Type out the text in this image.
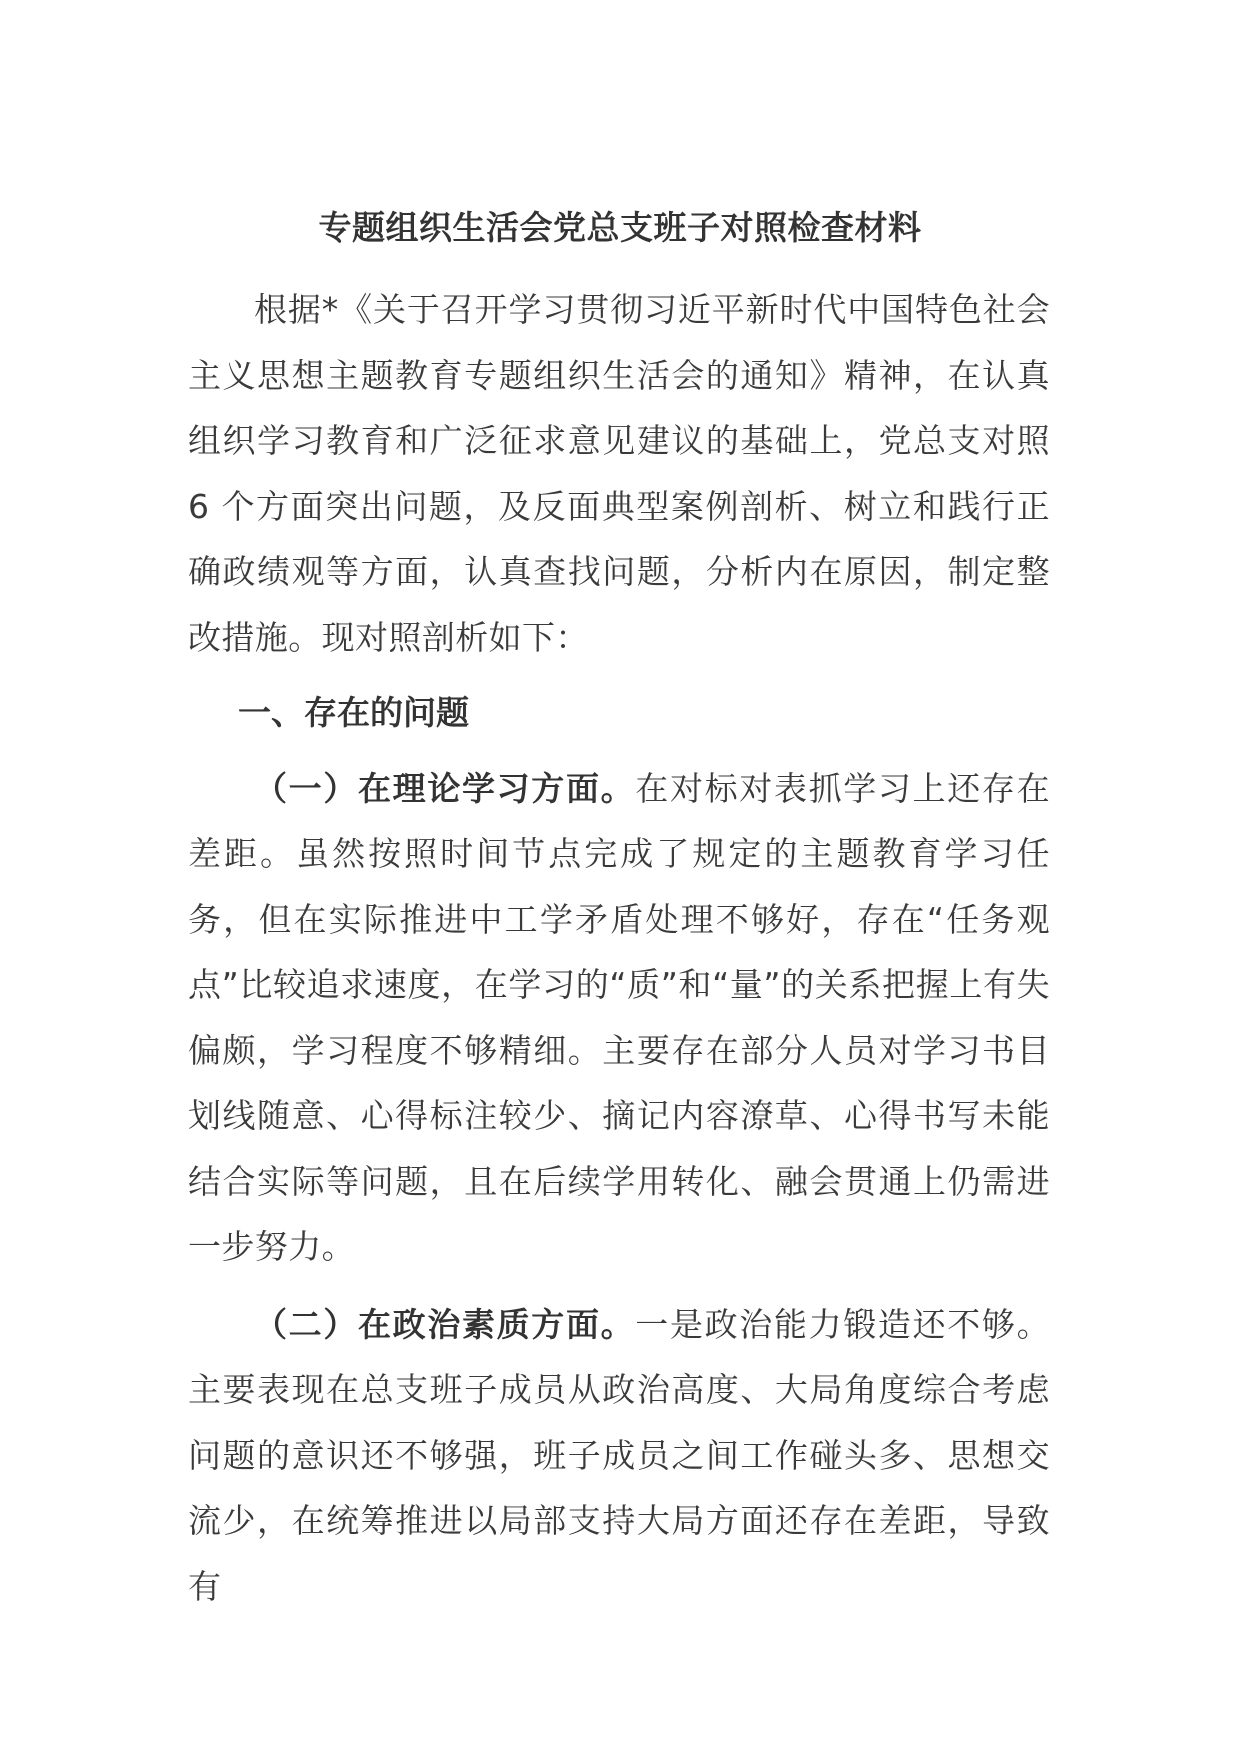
专题组织生活会党总支班子对照检查材料

根据*《关于召开学习贯彻习近平新时代中国特色社会主义思想主题教育专题组织生活会的通知》精神，在认真组织学习教育和广泛征求意见建议的基础上，党总支对照 6 个方面突出问题，及反面典型案例剖析、树立和践行正确政绩观等方面，认真查找问题，分析内在原因，制定整改措施。现对照剖析如下：

一、存在的问题

（一）在理论学习方面。在对标对表抓学习上还存在差距。虽然按照时间节点完成了规定的主题教育学习任务，但在实际推进中工学矛盾处理不够好，存在“任务观点”比较追求速度，在学习的“质”和“量”的关系把握上有失偏颇，学习程度不够精细。主要存在部分人员对学习书目划线随意、心得标注较少、摘记内容潦草、心得书写未能结合实际等问题，且在后续学用转化、融会贯通上仍需进一步努力。

（二）在政治素质方面。一是政治能力锻造还不够。主要表现在总支班子成员从政治高度、大局角度综合考虑问题的意识还不够强，班子成员之间工作碰头多、思想交流少，在统筹推进以局部支持大局方面还存在差距，导致有
